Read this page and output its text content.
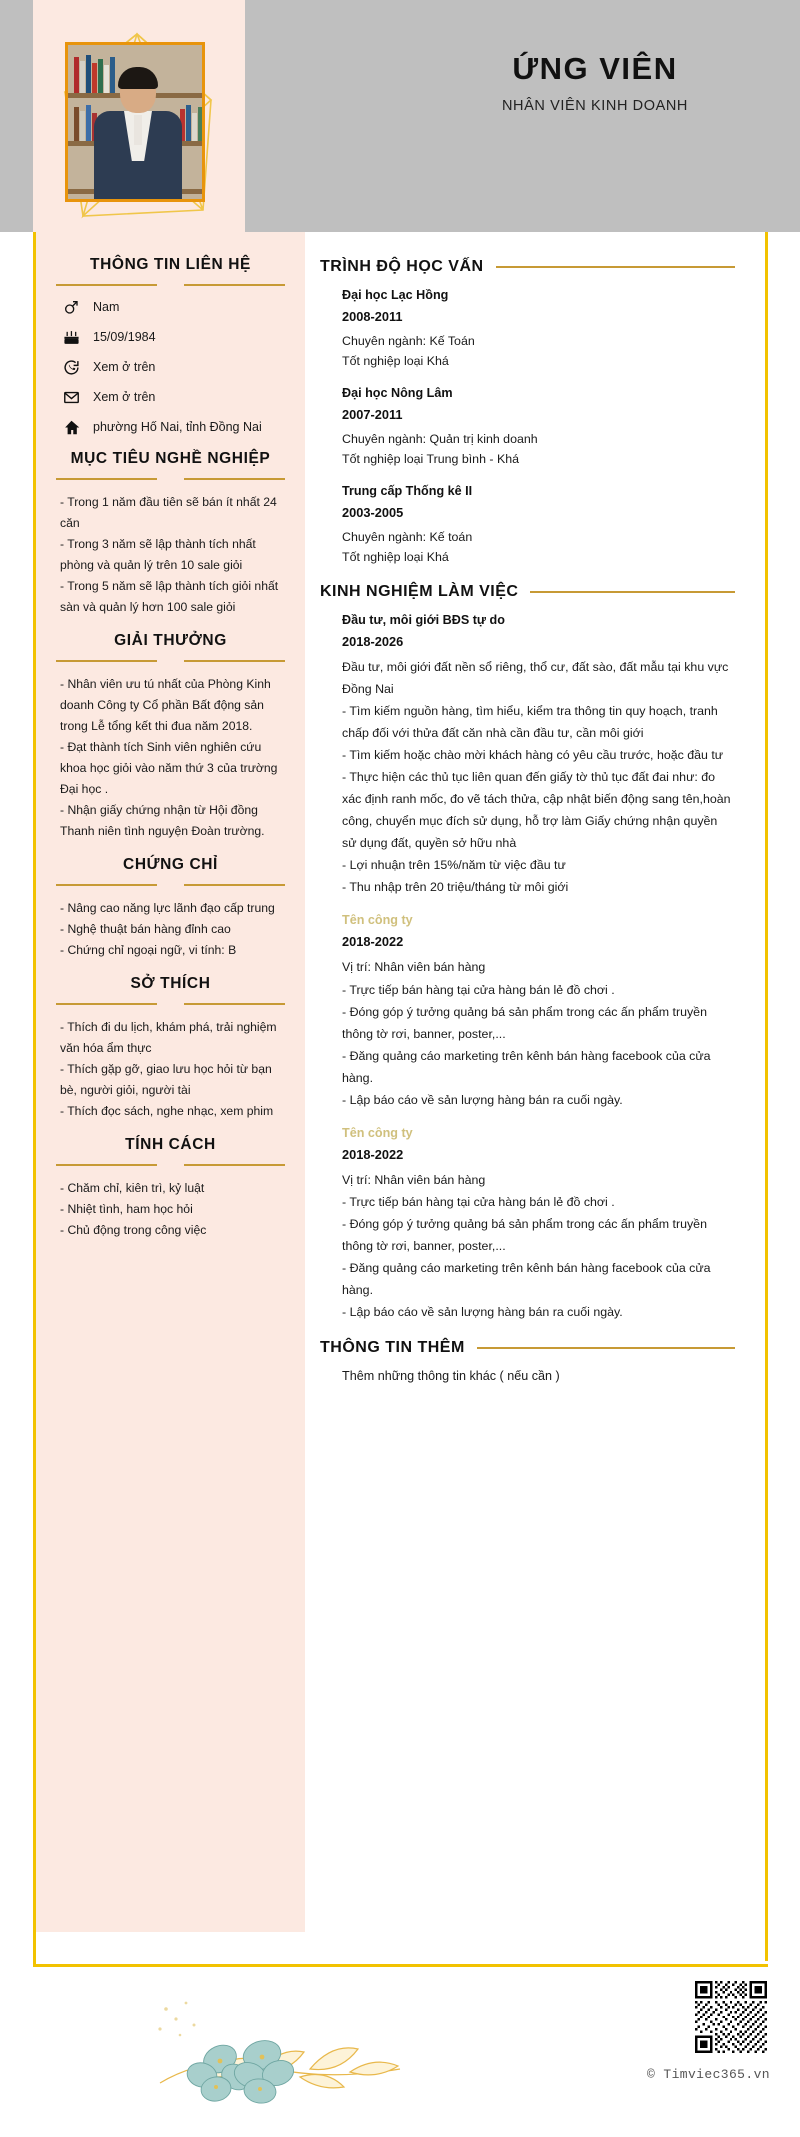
ỨNG VIÊN
NHÂN VIÊN KINH DOANH
THÔNG TIN LIÊN HỆ
Nam
15/09/1984
Xem ở trên
Xem ở trên
phường Hố Nai, tỉnh Đồng Nai
MỤC TIÊU NGHỀ NGHIỆP

- Trong 1 năm đầu tiên sẽ bán ít nhất 24 căn

- Trong 3 năm sẽ lập thành tích nhất phòng và quản lý trên 10 sale giỏi

- Trong 5 năm sẽ lập thành tích giỏi nhất sàn và quản lý hơn 100 sale giỏi

GIẢI THƯỞNG

- Nhân viên ưu tú nhất của Phòng Kinh doanh Công ty Cổ phần Bất động sản trong Lễ tổng kết thi đua năm 2018.

- Đạt thành tích Sinh viên nghiên cứu khoa học giỏi vào năm thứ 3 của trường Đại học .

- Nhận giấy chứng nhận từ Hội đồng Thanh niên tình nguyện Đoàn trường.

CHỨNG CHỈ

- Nâng cao năng lực lãnh đạo cấp trung

- Nghệ thuật bán hàng đỉnh cao

- Chứng chỉ ngoại ngữ, vi tính: B

SỞ THÍCH

- Thích đi du lịch, khám phá, trải nghiệm văn hóa ẩm thực

- Thích gặp gỡ, giao lưu học hỏi từ bạn bè, người giỏi, người tài

- Thích đọc sách, nghe nhạc, xem phim

TÍNH CÁCH

- Chăm chỉ, kiên trì, kỷ luật

- Nhiệt tình, ham học hỏi

- Chủ động trong công việc

TRÌNH ĐỘ HỌC VẤN
Đại học Lạc Hồng
2008-2011
Chuyên ngành: Kế Toán
Tốt nghiệp loại Khá
Đại học Nông Lâm
2007-2011
Chuyên ngành: Quản trị kinh doanh
Tốt nghiệp loại Trung bình - Khá
Trung cấp Thống kê II
2003-2005
Chuyên ngành: Kế toán
Tốt nghiệp loại Khá
KINH NGHIỆM LÀM VIỆC
Đầu tư, môi giới BĐS tự do
2018-2026

Đầu tư, môi giới đất nền sổ riêng, thổ cư, đất sào, đất mẫu tại khu vực Đồng Nai

- Tìm kiếm nguồn hàng, tìm hiểu, kiểm tra thông tin quy hoạch, tranh chấp đối với thửa đất căn nhà cần đầu tư, cần môi giới

- Tìm kiếm hoặc chào mời khách hàng có yêu cầu trước, hoặc đầu tư

- Thực hiện các thủ tục liên quan đến giấy tờ thủ tục đất đai như: đo xác định ranh mốc, đo vẽ tách thửa, cập nhật biến động sang tên,hoàn công, chuyển mục đích sử dụng, hỗ trợ làm Giấy chứng nhận quyền sử dụng đất, quyền sở hữu nhà

- Lợi nhuận trên 15%/năm từ việc đầu tư

- Thu nhập trên 20 triệu/tháng từ môi giới

Tên công ty
2018-2022

Vị trí: Nhân viên bán hàng

- Trực tiếp bán hàng tại cửa hàng bán lẻ đồ chơi .

- Đóng góp ý tưởng quảng bá sản phẩm trong các ấn phẩm truyền thông tờ rơi, banner, poster,...

- Đăng quảng cáo marketing trên kênh bán hàng facebook của cửa hàng.

- Lập báo cáo về sản lượng hàng bán ra cuối ngày.

Tên công ty
2018-2022

Vị trí: Nhân viên bán hàng

- Trực tiếp bán hàng tại cửa hàng bán lẻ đồ chơi .

- Đóng góp ý tưởng quảng bá sản phẩm trong các ấn phẩm truyền thông tờ rơi, banner, poster,...

- Đăng quảng cáo marketing trên kênh bán hàng facebook của cửa hàng.

- Lập báo cáo về sản lượng hàng bán ra cuối ngày.

THÔNG TIN THÊM
Thêm những thông tin khác ( nếu cần )
© Timviec365.vn
